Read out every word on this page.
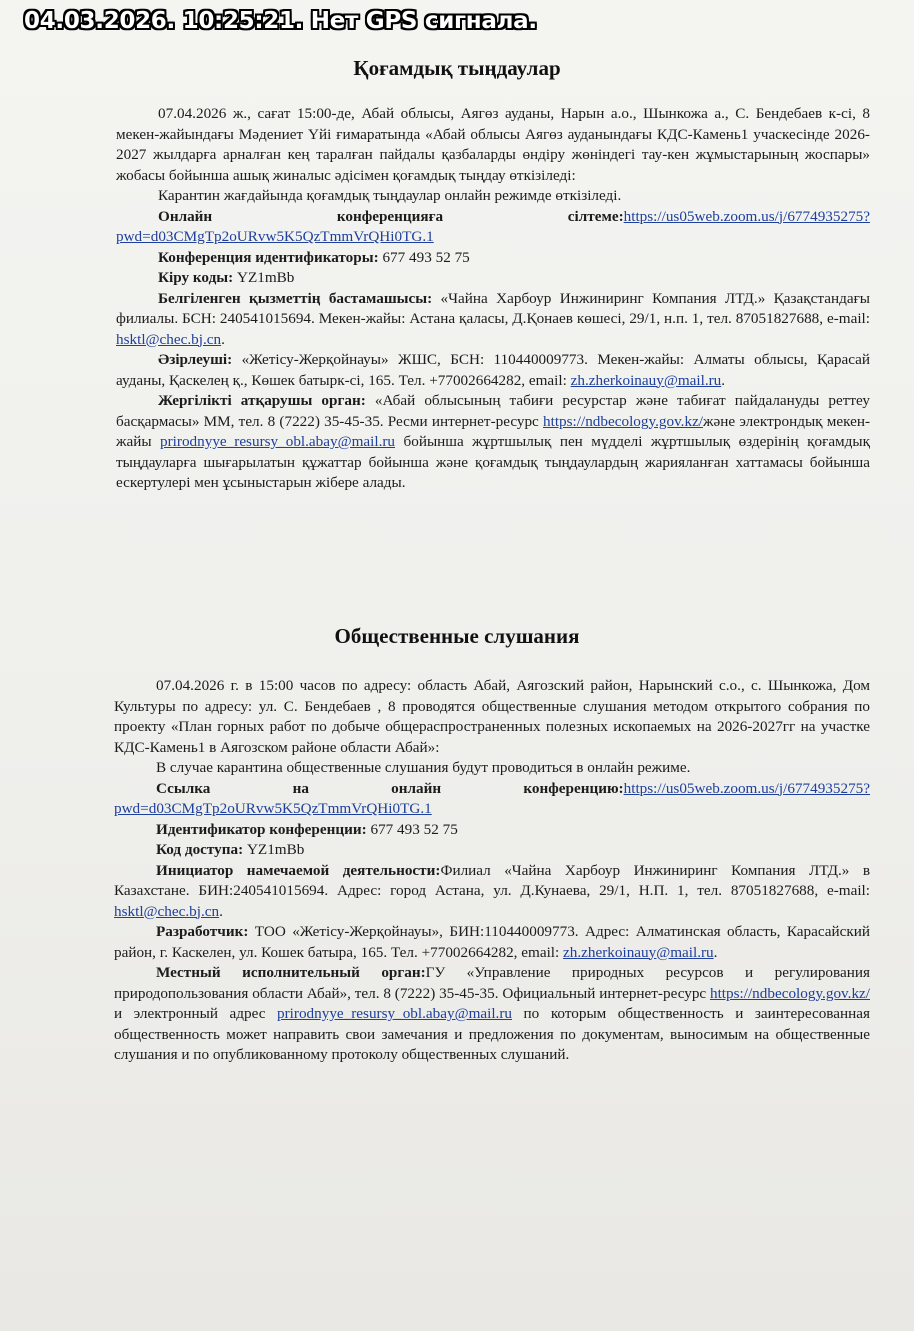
04.03.2026. 10:25:21. Нет GPS сигнала.
Қоғамдық тыңдаулар

07.04.2026 ж., сағат 15:00-де, Абай облысы, Аягөз ауданы, Нарын а.о., Шынкожа а., С. Бендебаев к-сі, 8 мекен-жайындағы Мәдениет Үйі ғимаратында «Абай облысы Аягөз ауданындағы КДС-Камень1 учаскесінде 2026-2027 жылдарға арналған кең таралған пайдалы қазбаларды өндіру жөніндегі тау-кен жұмыстарының жоспары» жобасы бойынша ашық жиналыс әдісімен қоғамдық тыңдау өткізіледі:

Карантин жағдайында қоғамдық тыңдаулар онлайн режимде өткізіледі.

Онлайн конференцияға сілтеме:https://us05web.zoom.us/j/6774935275?pwd=d03CMgTp2oURvw5K5QzTmmVrQHi0TG.1

Конференция идентификаторы: 677 493 52 75

Кіру коды: YZ1mBb

Белгіленген қызметтің бастамашысы: «Чайна Харбоур Инжиниринг Компания ЛТД.» Қазақстандағы филиалы. БСН: 240541015694. Мекен-жайы: Астана қаласы, Д.Қонаев көшесі, 29/1, н.п. 1, тел. 87051827688, e-mail: hsktl@chec.bj.cn.

Әзірлеуші: «Жетісу-Жерқойнауы» ЖШС, БСН: 110440009773. Мекен-жайы: Алматы облысы, Қарасай ауданы, Қаскелең қ., Көшек батырк-сі, 165. Тел. +77002664282, email: zh.zherkoinauy@mail.ru.

Жергілікті атқарушы орган: «Абай облысының табиғи ресурстар және табиғат пайдалануды реттеу басқармасы» ММ, тел. 8 (7222) 35-45-35. Ресми интернет-ресурс https://ndbecology.gov.kz/және электрондық мекен-жайы prirodnyye_resursy_obl.abay@mail.ru бойынша жұртшылық пен мүдделі жұртшылық өздерінің қоғамдық тыңдауларға шығарылатын құжаттар бойынша және қоғамдық тыңдаулардың жарияланған хаттамасы бойынша ескертулері мен ұсыныстарын жібере алады.

Общественные слушания

07.04.2026 г. в 15:00 часов по адресу: область Абай, Аягозский район, Нарынский с.о., с. Шынкожа, Дом Культуры по адресу: ул. С. Бендебаев , 8 проводятся общественные слушания методом открытого собрания по проекту «План горных работ по добыче общераспространенных полезных ископаемых на 2026-2027гг на участке КДС-Камень1 в Аягозском районе области Абай»:

В случае карантина общественные слушания будут проводиться в онлайн режиме.

Ссылка на онлайн конференцию:https://us05web.zoom.us/j/6774935275?pwd=d03CMgTp2oURvw5K5QzTmmVrQHi0TG.1

Идентификатор конференции: 677 493 52 75

Код доступа: YZ1mBb

Инициатор намечаемой деятельности:Филиал «Чайна Харбоур Инжиниринг Компания ЛТД.» в Казахстане. БИН:240541015694. Адрес: город Астана, ул. Д.Кунаева, 29/1, Н.П. 1, тел. 87051827688, e-mail: hsktl@chec.bj.cn.

Разработчик: ТОО «Жетісу-Жерқойнауы», БИН:110440009773. Адрес: Алматинская область, Карасайский район, г. Каскелен, ул. Кошек батыра, 165. Тел. +77002664282, email: zh.zherkoinauy@mail.ru.

Местный исполнительный орган:ГУ «Управление природных ресурсов и регулирования природопользования области Абай», тел. 8 (7222) 35-45-35. Официальный интернет-ресурс https://ndbecology.gov.kz/ и электронный адрес prirodnyye_resursy_obl.abay@mail.ru по которым общественность и заинтересованная общественность может направить свои замечания и предложения по документам, выносимым на общественные слушания и по опубликованному протоколу общественных слушаний.
